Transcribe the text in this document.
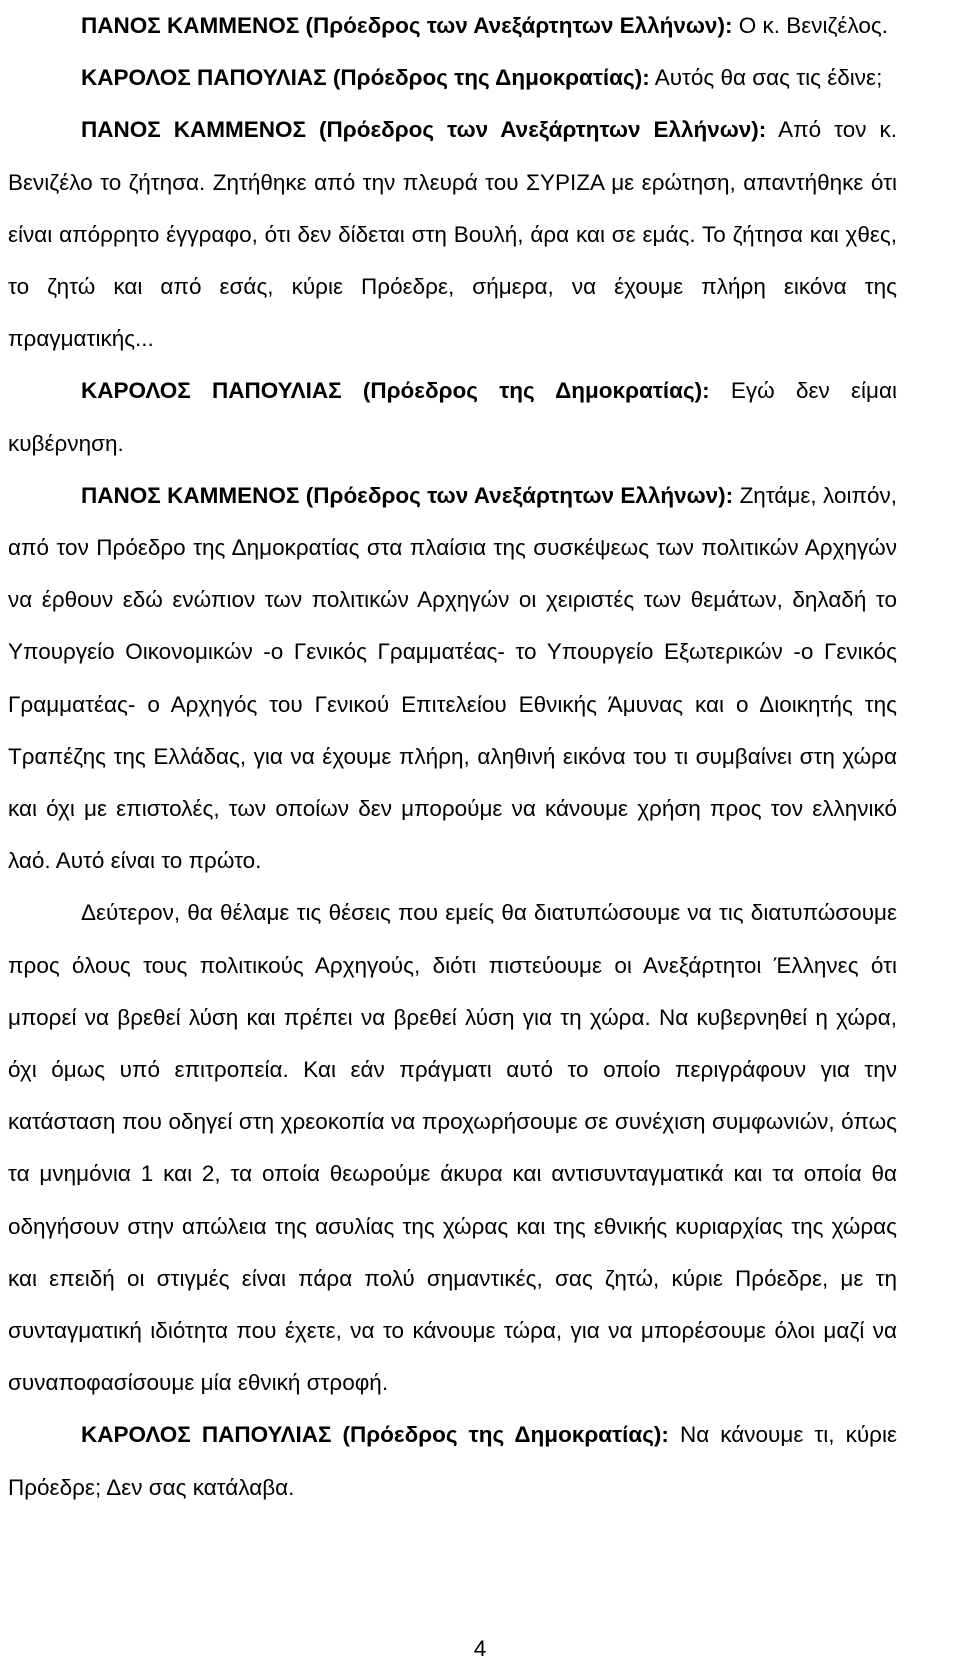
ΠΑΝΟΣ ΚΑΜΜΕΝΟΣ (Πρόεδρος των Ανεξάρτητων Ελλήνων): Ο κ. Βενιζέλος.

ΚΑΡΟΛΟΣ ΠΑΠΟΥΛΙΑΣ (Πρόεδρος της Δημοκρατίας): Αυτός θα σας τις έδινε;

ΠΑΝΟΣ ΚΑΜΜΕΝΟΣ (Πρόεδρος των Ανεξάρτητων Ελλήνων): Από τον κ. Βενιζέλο το ζήτησα. Ζητήθηκε από την πλευρά του ΣΥΡΙΖΑ με ερώτηση, απαντήθηκε ότι είναι απόρρητο έγγραφο, ότι δεν δίδεται στη Βουλή, άρα και σε εμάς. Το ζήτησα και χθες, το ζητώ και από εσάς, κύριε Πρόεδρε, σήμερα, να έχουμε πλήρη εικόνα της πραγματικής...

ΚΑΡΟΛΟΣ ΠΑΠΟΥΛΙΑΣ (Πρόεδρος της Δημοκρατίας): Εγώ δεν είμαι κυβέρνηση.

ΠΑΝΟΣ ΚΑΜΜΕΝΟΣ (Πρόεδρος των Ανεξάρτητων Ελλήνων): Ζητάμε, λοιπόν, από τον Πρόεδρο της Δημοκρατίας στα πλαίσια της συσκέψεως των πολιτικών Αρχηγών να έρθουν εδώ ενώπιον των πολιτικών Αρχηγών οι χειριστές των θεμάτων, δηλαδή το Υπουργείο Οικονομικών -ο Γενικός Γραμματέας- το Υπουργείο Εξωτερικών -ο Γενικός Γραμματέας- ο Αρχηγός του Γενικού Επιτελείου Εθνικής Άμυνας και ο Διοικητής της Τραπέζης της Ελλάδας, για να έχουμε πλήρη, αληθινή εικόνα του τι συμβαίνει στη χώρα και όχι με επιστολές, των οποίων δεν μπορούμε να κάνουμε χρήση προς τον ελληνικό λαό. Αυτό είναι το πρώτο.

Δεύτερον, θα θέλαμε τις θέσεις που εμείς θα διατυπώσουμε να τις διατυπώσουμε προς όλους τους πολιτικούς Αρχηγούς, διότι πιστεύουμε οι Ανεξάρτητοι Έλληνες ότι μπορεί να βρεθεί λύση και πρέπει να βρεθεί λύση για τη χώρα. Να κυβερνηθεί η χώρα, όχι όμως υπό επιτροπεία. Και εάν πράγματι αυτό το οποίο περιγράφουν για την κατάσταση που οδηγεί στη χρεοκοπία να προχωρήσουμε σε συνέχιση συμφωνιών, όπως τα μνημόνια 1 και 2, τα οποία θεωρούμε άκυρα και αντισυνταγματικά και τα οποία θα οδηγήσουν στην απώλεια της ασυλίας της χώρας και της εθνικής κυριαρχίας της χώρας και επειδή οι στιγμές είναι πάρα πολύ σημαντικές, σας ζητώ, κύριε Πρόεδρε, με τη συνταγματική ιδιότητα που έχετε, να το κάνουμε τώρα, για να μπορέσουμε όλοι μαζί να συναποφασίσουμε μία εθνική στροφή.

ΚΑΡΟΛΟΣ ΠΑΠΟΥΛΙΑΣ (Πρόεδρος της Δημοκρατίας): Να κάνουμε τι, κύριε Πρόεδρε; Δεν σας κατάλαβα.

4
